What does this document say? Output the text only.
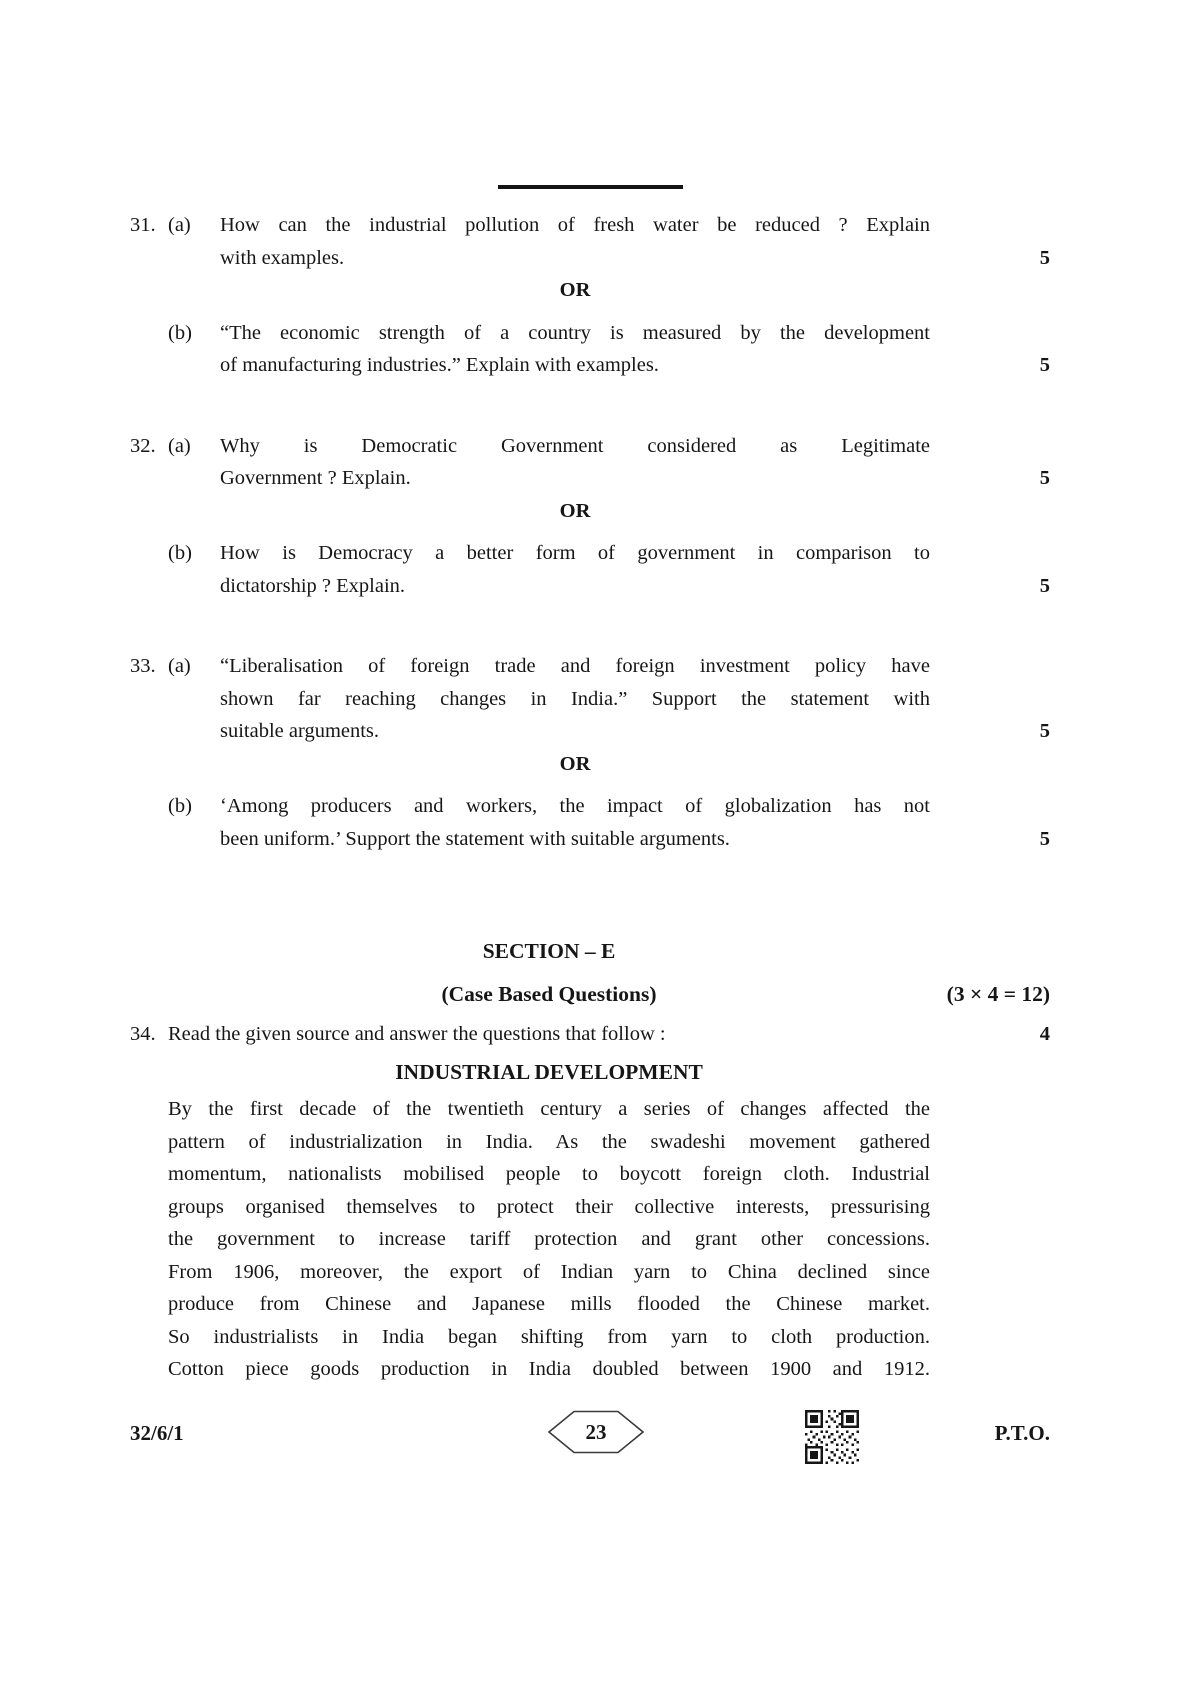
31. (a)	How can the industrial pollution of fresh water be reduced ? Explain
with examples.	5
OR
(b)	“The economic strength of a country is measured by the development
of manufacturing industries.” Explain with examples.	5
32. (a)	Why is Democratic Government considered as Legitimate
Government ? Explain.	5
OR
(b)	How is Democracy a better form of government in comparison to
dictatorship ? Explain.	5
33. (a)	“Liberalisation of foreign trade and foreign investment policy have
shown far reaching changes in India.” Support the statement with
suitable arguments.	5
OR
(b)	‘Among producers and workers, the impact of globalization has not
been uniform.’ Support the statement with suitable arguments.	5
SECTION – E
(Case Based Questions)	(3 × 4 = 12)
34. Read the given source and answer the questions that follow :	4
INDUSTRIAL DEVELOPMENT
By the first decade of the twentieth century a series of changes affected the
pattern of industrialization in India. As the swadeshi movement gathered
momentum, nationalists mobilised people to boycott foreign cloth. Industrial
groups organised themselves to protect their collective interests, pressurising
the government to increase tariff protection and grant other concessions.
From 1906, moreover, the export of Indian yarn to China declined since
produce from Chinese and Japanese mills flooded the Chinese market.
So industrialists in India began shifting from yarn to cloth production.
Cotton piece goods production in India doubled between 1900 and 1912.
32/6/1	23	P.T.O.
